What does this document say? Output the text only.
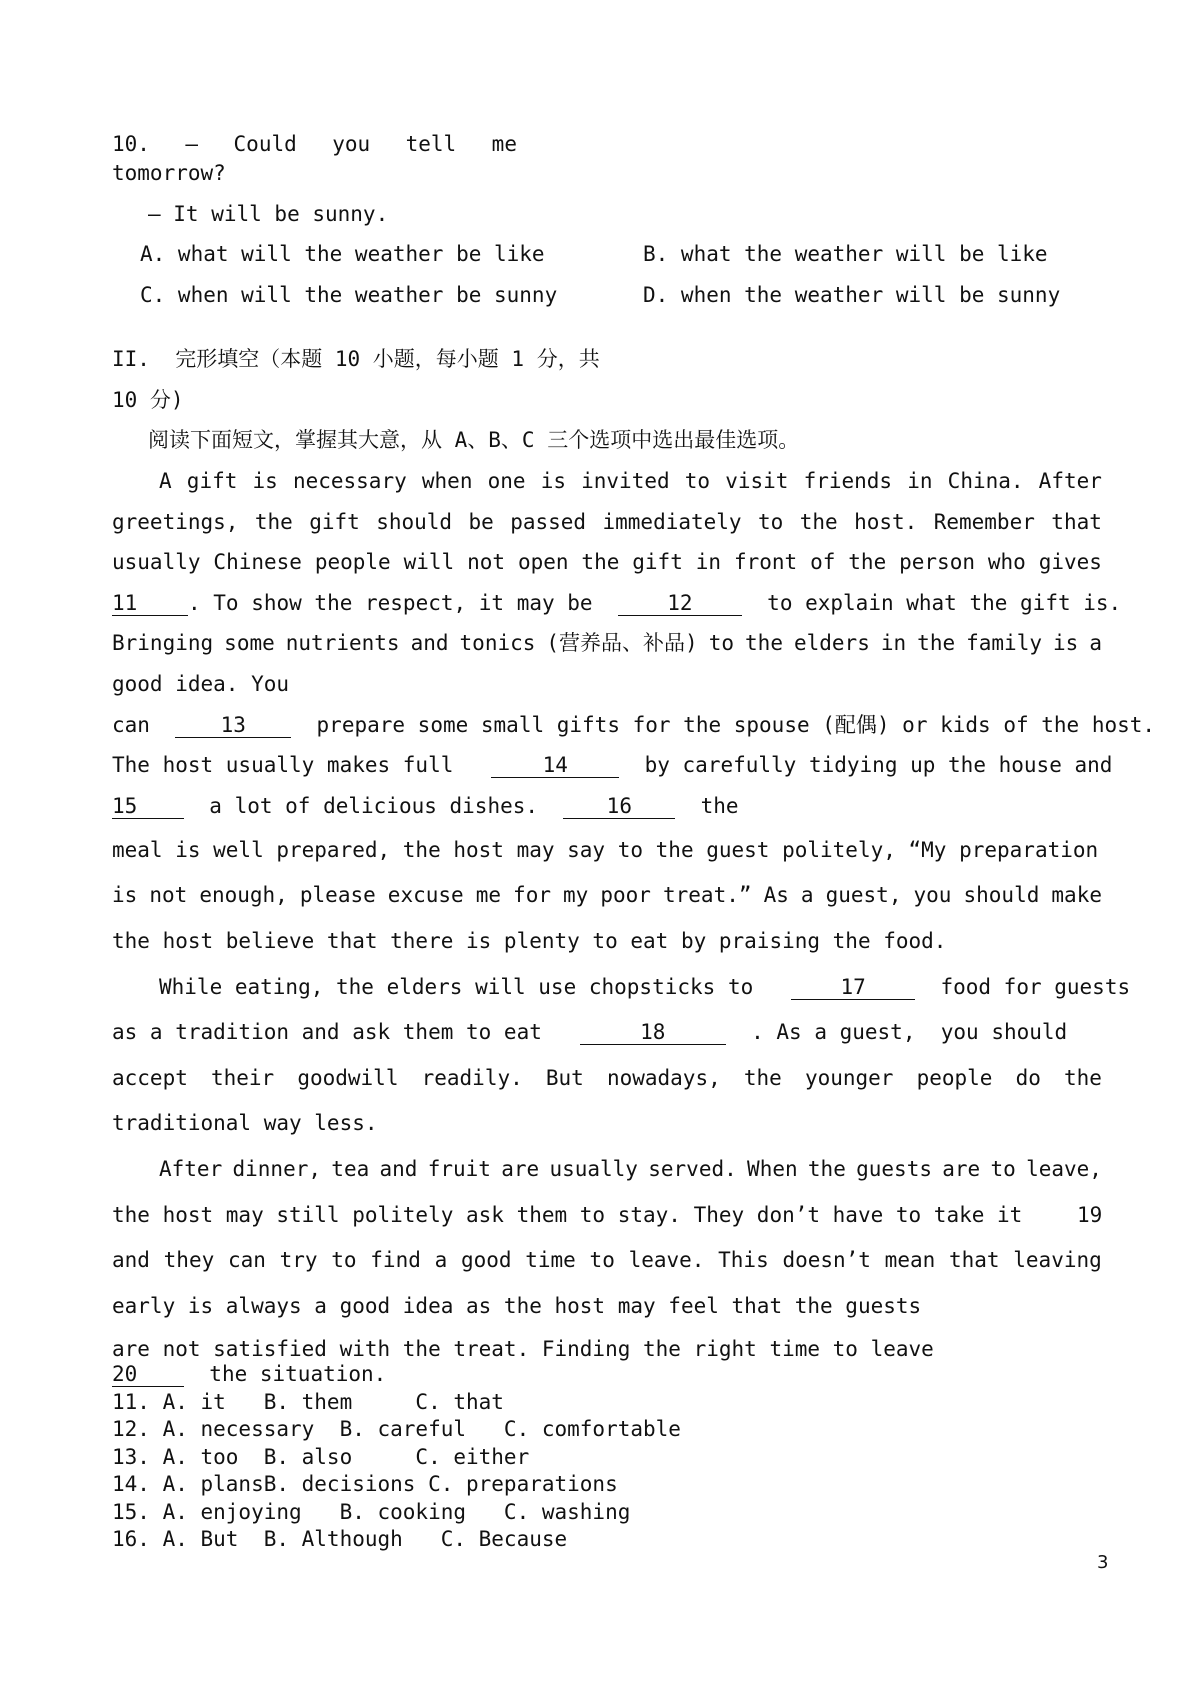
10. — Could you tell me
tomorrow?
— It will be sunny.
A. what will the weather be like	B. what the weather will be like
C. when will the weather be sunny	D. when the weather will be sunny
II.  完形填空（本题 10 小题，每小题 1 分，共
10 分)
阅读下面短文，掌握其大意，从 A、B、C 三个选项中选出最佳选项。
A gift is necessary when one is invited to visit friends in China. After
greetings, the gift should be passed immediately to the host. Remember that
usually Chinese people will not open the gift in front of the person who gives
11 . To show the respect, it may be	12	to explain what the gift is.
Bringing some nutrients and tonics (营养品、补品) to the elders in the family is a
good idea. You
can	13	prepare some small gifts for the spouse (配偶) or kids of the host.
The host usually makes full	14	by carefully tidying up the house and
15	a lot of delicious dishes.	16	the
meal is well prepared, the host may say to the guest politely, “My preparation
is not enough, please excuse me for my poor treat.” As a guest, you should make
the host believe that there is plenty to eat by praising the food.
While eating, the elders will use chopsticks to	17	food for guests
as a tradition and ask them to eat	18	. As a guest,  you should
accept their goodwill readily. But nowadays, the younger people do the
traditional way less.
After dinner, tea and fruit are usually served. When the guests are to leave,
the host may still politely ask them to stay. They don’t have to take it	19
and they can try to find a good time to leave. This doesn’t mean that leaving
early is always a good idea as the host may feel that the guests
are not satisfied with the treat. Finding the right time to leave
20	the situation.
11. A. it   B. them     C. that
12. A. necessary  B. careful   C. comfortable
13. A. too  B. also     C. either
14. A. plansB. decisions C. preparations
15. A. enjoying   B. cooking   C. washing
16. A. But  B. Although   C. Because
3
